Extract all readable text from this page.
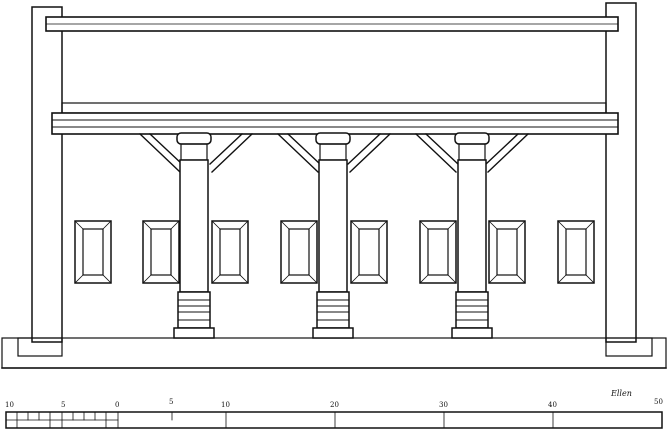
10	5	0	5	10	20	30	40	50
Ellen
